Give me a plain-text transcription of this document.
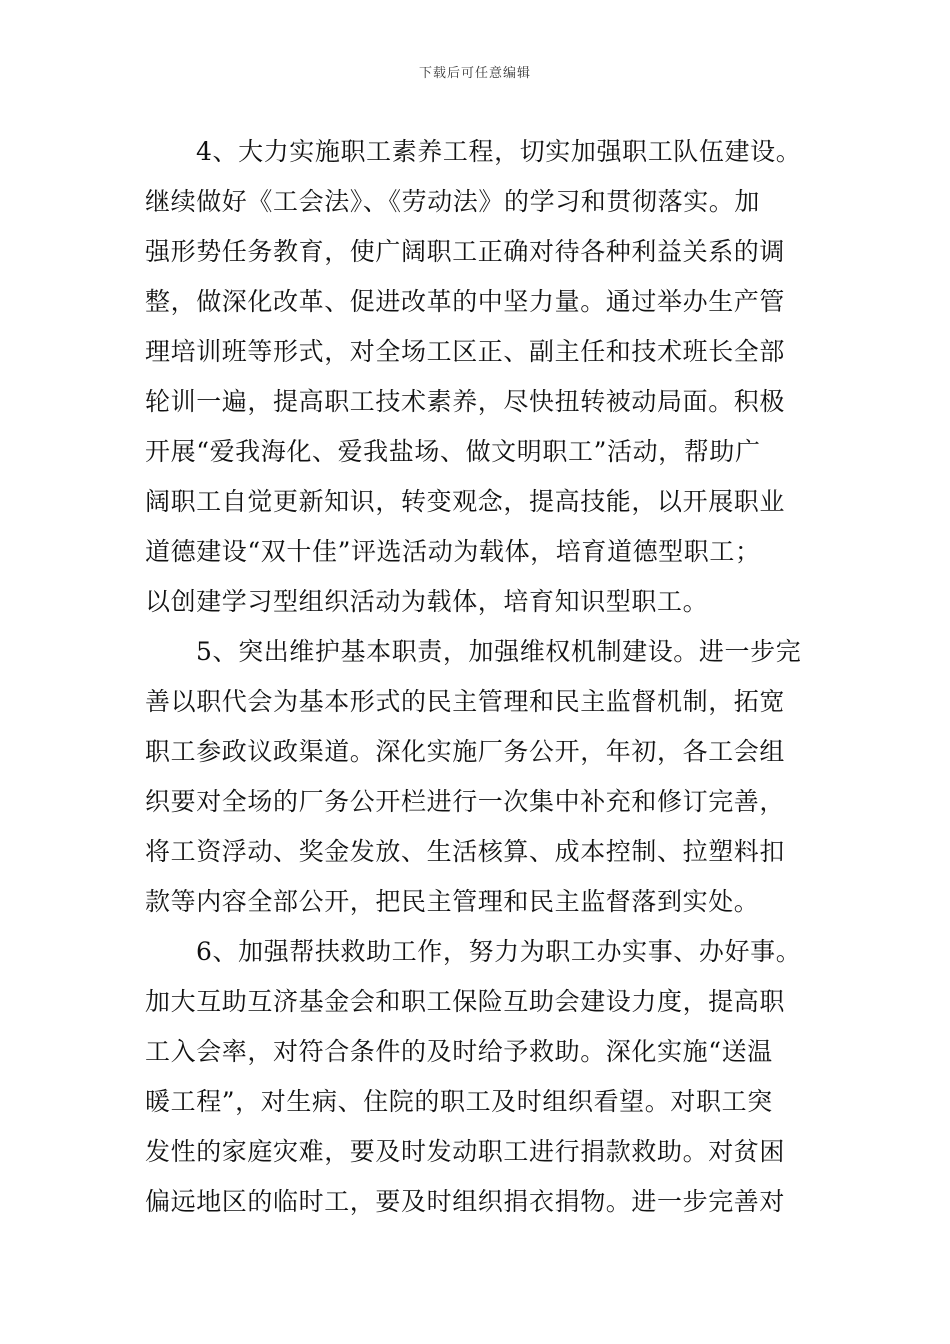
下载后可任意编辑
4、大力实施职工素养工程，切实加强职工队伍建设。
继续做好《工会法》、《劳动法》的学习和贯彻落实。加
强形势任务教育，使广阔职工正确对待各种利益关系的调
整，做深化改革、促进改革的中坚力量。通过举办生产管
理培训班等形式，对全场工区正、副主任和技术班长全部
轮训一遍，提高职工技术素养，尽快扭转被动局面。积极
开展“爱我海化、爱我盐场、做文明职工”活动，帮助广
阔职工自觉更新知识，转变观念，提高技能，以开展职业
道德建设“双十佳”评选活动为载体，培育道德型职工；
以创建学习型组织活动为载体，培育知识型职工。
5、突出维护基本职责，加强维权机制建设。进一步完
善以职代会为基本形式的民主管理和民主监督机制，拓宽
职工参政议政渠道。深化实施厂务公开，年初，各工会组
织要对全场的厂务公开栏进行一次集中补充和修订完善，
将工资浮动、奖金发放、生活核算、成本控制、拉塑料扣
款等内容全部公开，把民主管理和民主监督落到实处。
6、加强帮扶救助工作，努力为职工办实事、办好事。
加大互助互济基金会和职工保险互助会建设力度，提高职
工入会率，对符合条件的及时给予救助。深化实施“送温
暖工程”，对生病、住院的职工及时组织看望。对职工突
发性的家庭灾难，要及时发动职工进行捐款救助。对贫困
偏远地区的临时工，要及时组织捐衣捐物。进一步完善对
